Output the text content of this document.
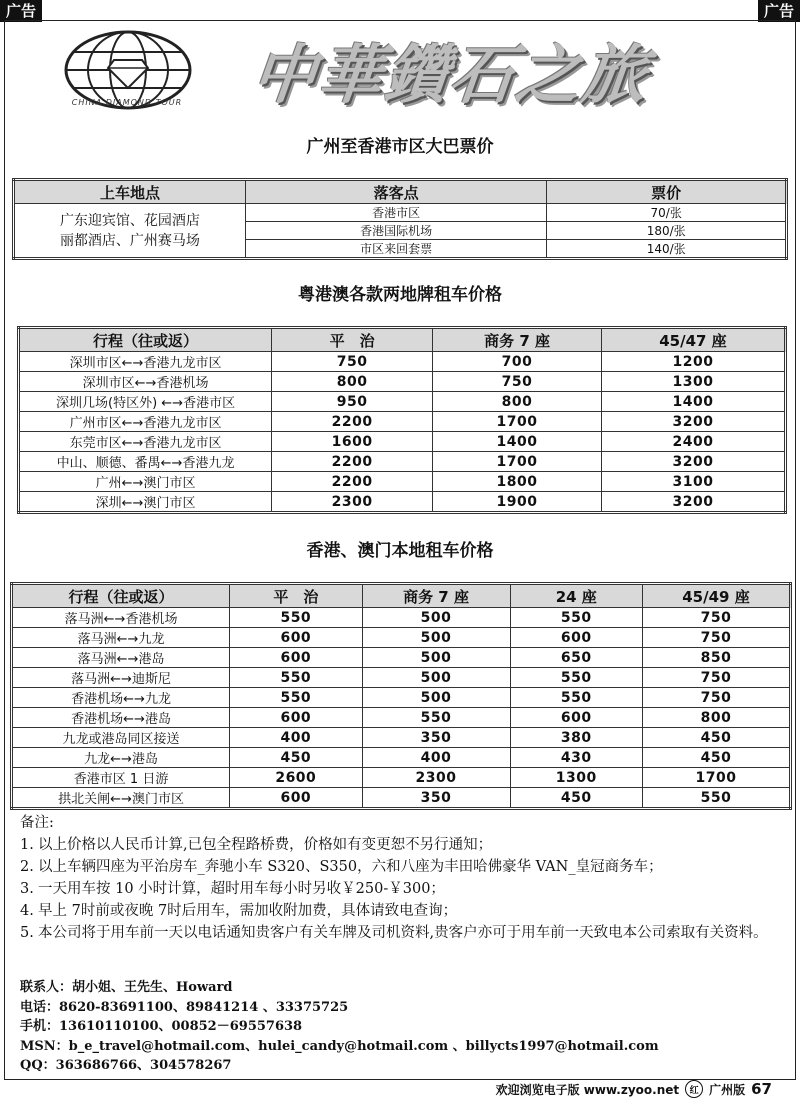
广告	广告
CHINA DIAMOND TOUR	中華鑽石之旅
广州至香港市区大巴票价
上车地点	落客点	票价

广东迎宾馆、花园酒店
丽都酒店、广州赛马场	香港市区	70/张
	香港国际机场	180/张
	市区来回套票	140/张
粤港澳各款两地牌租车价格
行程（往或返）	平　治	商务 7 座	45/47 座
深圳市区←→香港九龙市区	750	700	1200
深圳市区←→香港机场	800	750	1300
深圳几场(特区外) ←→香港市区	950	800	1400
广州市区←→香港九龙市区	2200	1700	3200
东莞市区←→香港九龙市区	1600	1400	2400
中山、顺德、番禺←→香港九龙	2200	1700	3200
广州←→澳门市区	2200	1800	3100
深圳←→澳门市区	2300	1900	3200
香港、澳门本地租车价格
行程（往或返）	平　治	商务 7 座	24 座	45/49 座
落马洲←→香港机场	550	500	550	750
落马洲←→九龙	600	500	600	750
落马洲←→港岛	600	500	650	850
落马洲←→迪斯尼	550	500	550	750
香港机场←→九龙	550	500	550	750
香港机场←→港岛	600	550	600	800
九龙或港岛同区接送	400	350	380	450
九龙←→港岛	450	400	430	450
香港市区 1 日游	2600	2300	1300	1700
拱北关闸←→澳门市区	600	350	450	550
备注:
1. 以上价格以人民币计算,已包全程路桥费，价格如有变更恕不另行通知；
2. 以上车辆四座为平治房车_奔驰小车 S320、S350，六和八座为丰田哈佛豪华 VAN_皇冠商务车；
3. 一天用车按 10 小时计算，超时用车每小时另收￥250-￥300；
4. 早上 7时前或夜晚 7时后用车，需加收附加费，具体请致电查询；
5. 本公司将于用车前一天以电话通知贵客户有关车牌及司机资料,贵客户亦可于用车前一天致电本公司索取有关资料。
联系人：胡小姐、王先生、Howard
电话：8620-83691100、89841214 、33375725
手机：13610110100、00852－69557638
MSN：b_e_travel@hotmail.com、hulei_candy@hotmail.com 、billycts1997@hotmail.com
QQ：363686766、304578267
欢迎浏览电子版 www.zyoo.net	红 广州版 67
